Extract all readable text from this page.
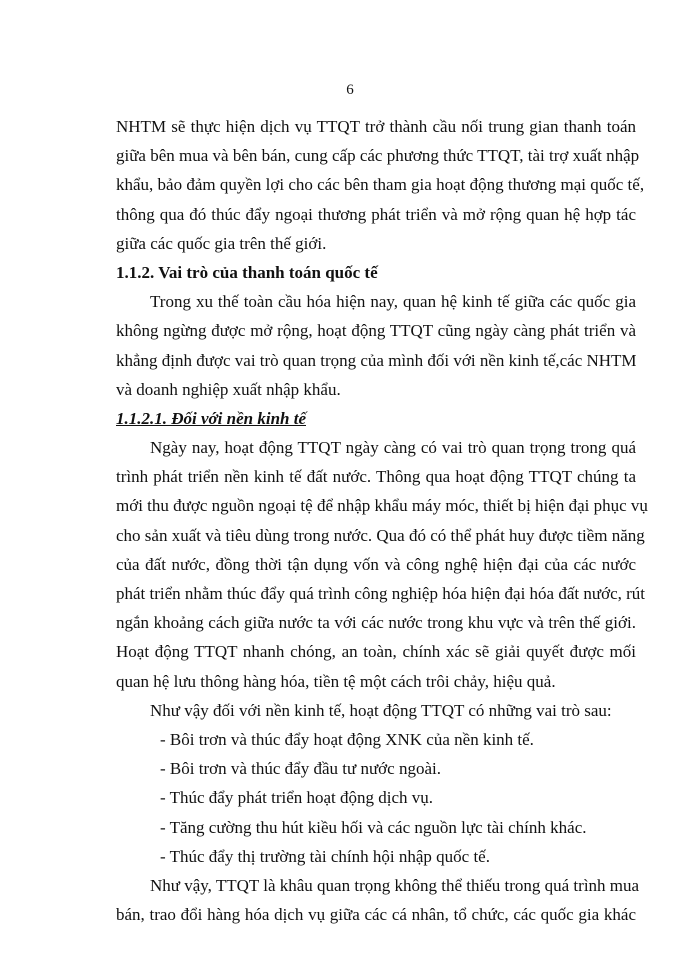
6
NHTM sẽ thực hiện dịch vụ TTQT trở thành cầu nối trung gian thanh toán
giữa bên mua và bên bán, cung cấp các phương thức TTQT, tài trợ xuất nhập
khẩu, bảo đảm quyền lợi cho các bên tham gia hoạt động thương mại quốc tế,
thông qua đó thúc đẩy ngoại thương phát triển và mở rộng quan hệ hợp tác
giữa các quốc gia trên thế giới.
1.1.2. Vai trò của thanh toán quốc tế
Trong xu thế toàn cầu hóa hiện nay, quan hệ kinh tế giữa các quốc gia
không ngừng được mở rộng, hoạt động TTQT cũng ngày càng phát triển và
khẳng định được vai trò quan trọng của mình đối với nền kinh tế,các NHTM
và doanh nghiệp xuất nhập khẩu.
1.1.2.1. Đối với nền kinh tế
Ngày nay, hoạt động TTQT ngày càng có vai trò quan trọng trong quá
trình phát triển nền kinh tế đất nước. Thông qua hoạt động TTQT chúng ta
mới thu được nguồn ngoại tệ để nhập khẩu máy móc, thiết bị hiện đại phục vụ
cho sản xuất và tiêu dùng trong nước. Qua đó có thể phát huy được tiềm năng
của đất nước, đồng thời tận dụng vốn và công nghệ hiện đại của các nước
phát triển nhằm thúc đẩy quá trình công nghiệp hóa hiện đại hóa đất nước, rút
ngắn khoảng cách giữa nước ta với các nước trong khu vực và trên thế giới.
Hoạt động TTQT nhanh chóng, an toàn, chính xác sẽ giải quyết được mối
quan hệ lưu thông hàng hóa, tiền tệ một cách trôi chảy, hiệu quả.
Như vậy đối với nền kinh tế, hoạt động TTQT có những vai trò sau:
- Bôi trơn và thúc đẩy hoạt động XNK của nền kinh tế.
- Bôi trơn và thúc đẩy đầu tư nước ngoài.
- Thúc đẩy phát triển hoạt động dịch vụ.
- Tăng cường thu hút kiều hối và các nguồn lực tài chính khác.
- Thúc đẩy thị trường tài chính hội nhập quốc tế.
Như vậy, TTQT là khâu quan trọng không thể thiếu trong quá trình mua
bán, trao đổi hàng hóa dịch vụ giữa các cá nhân, tổ chức, các quốc gia khác
